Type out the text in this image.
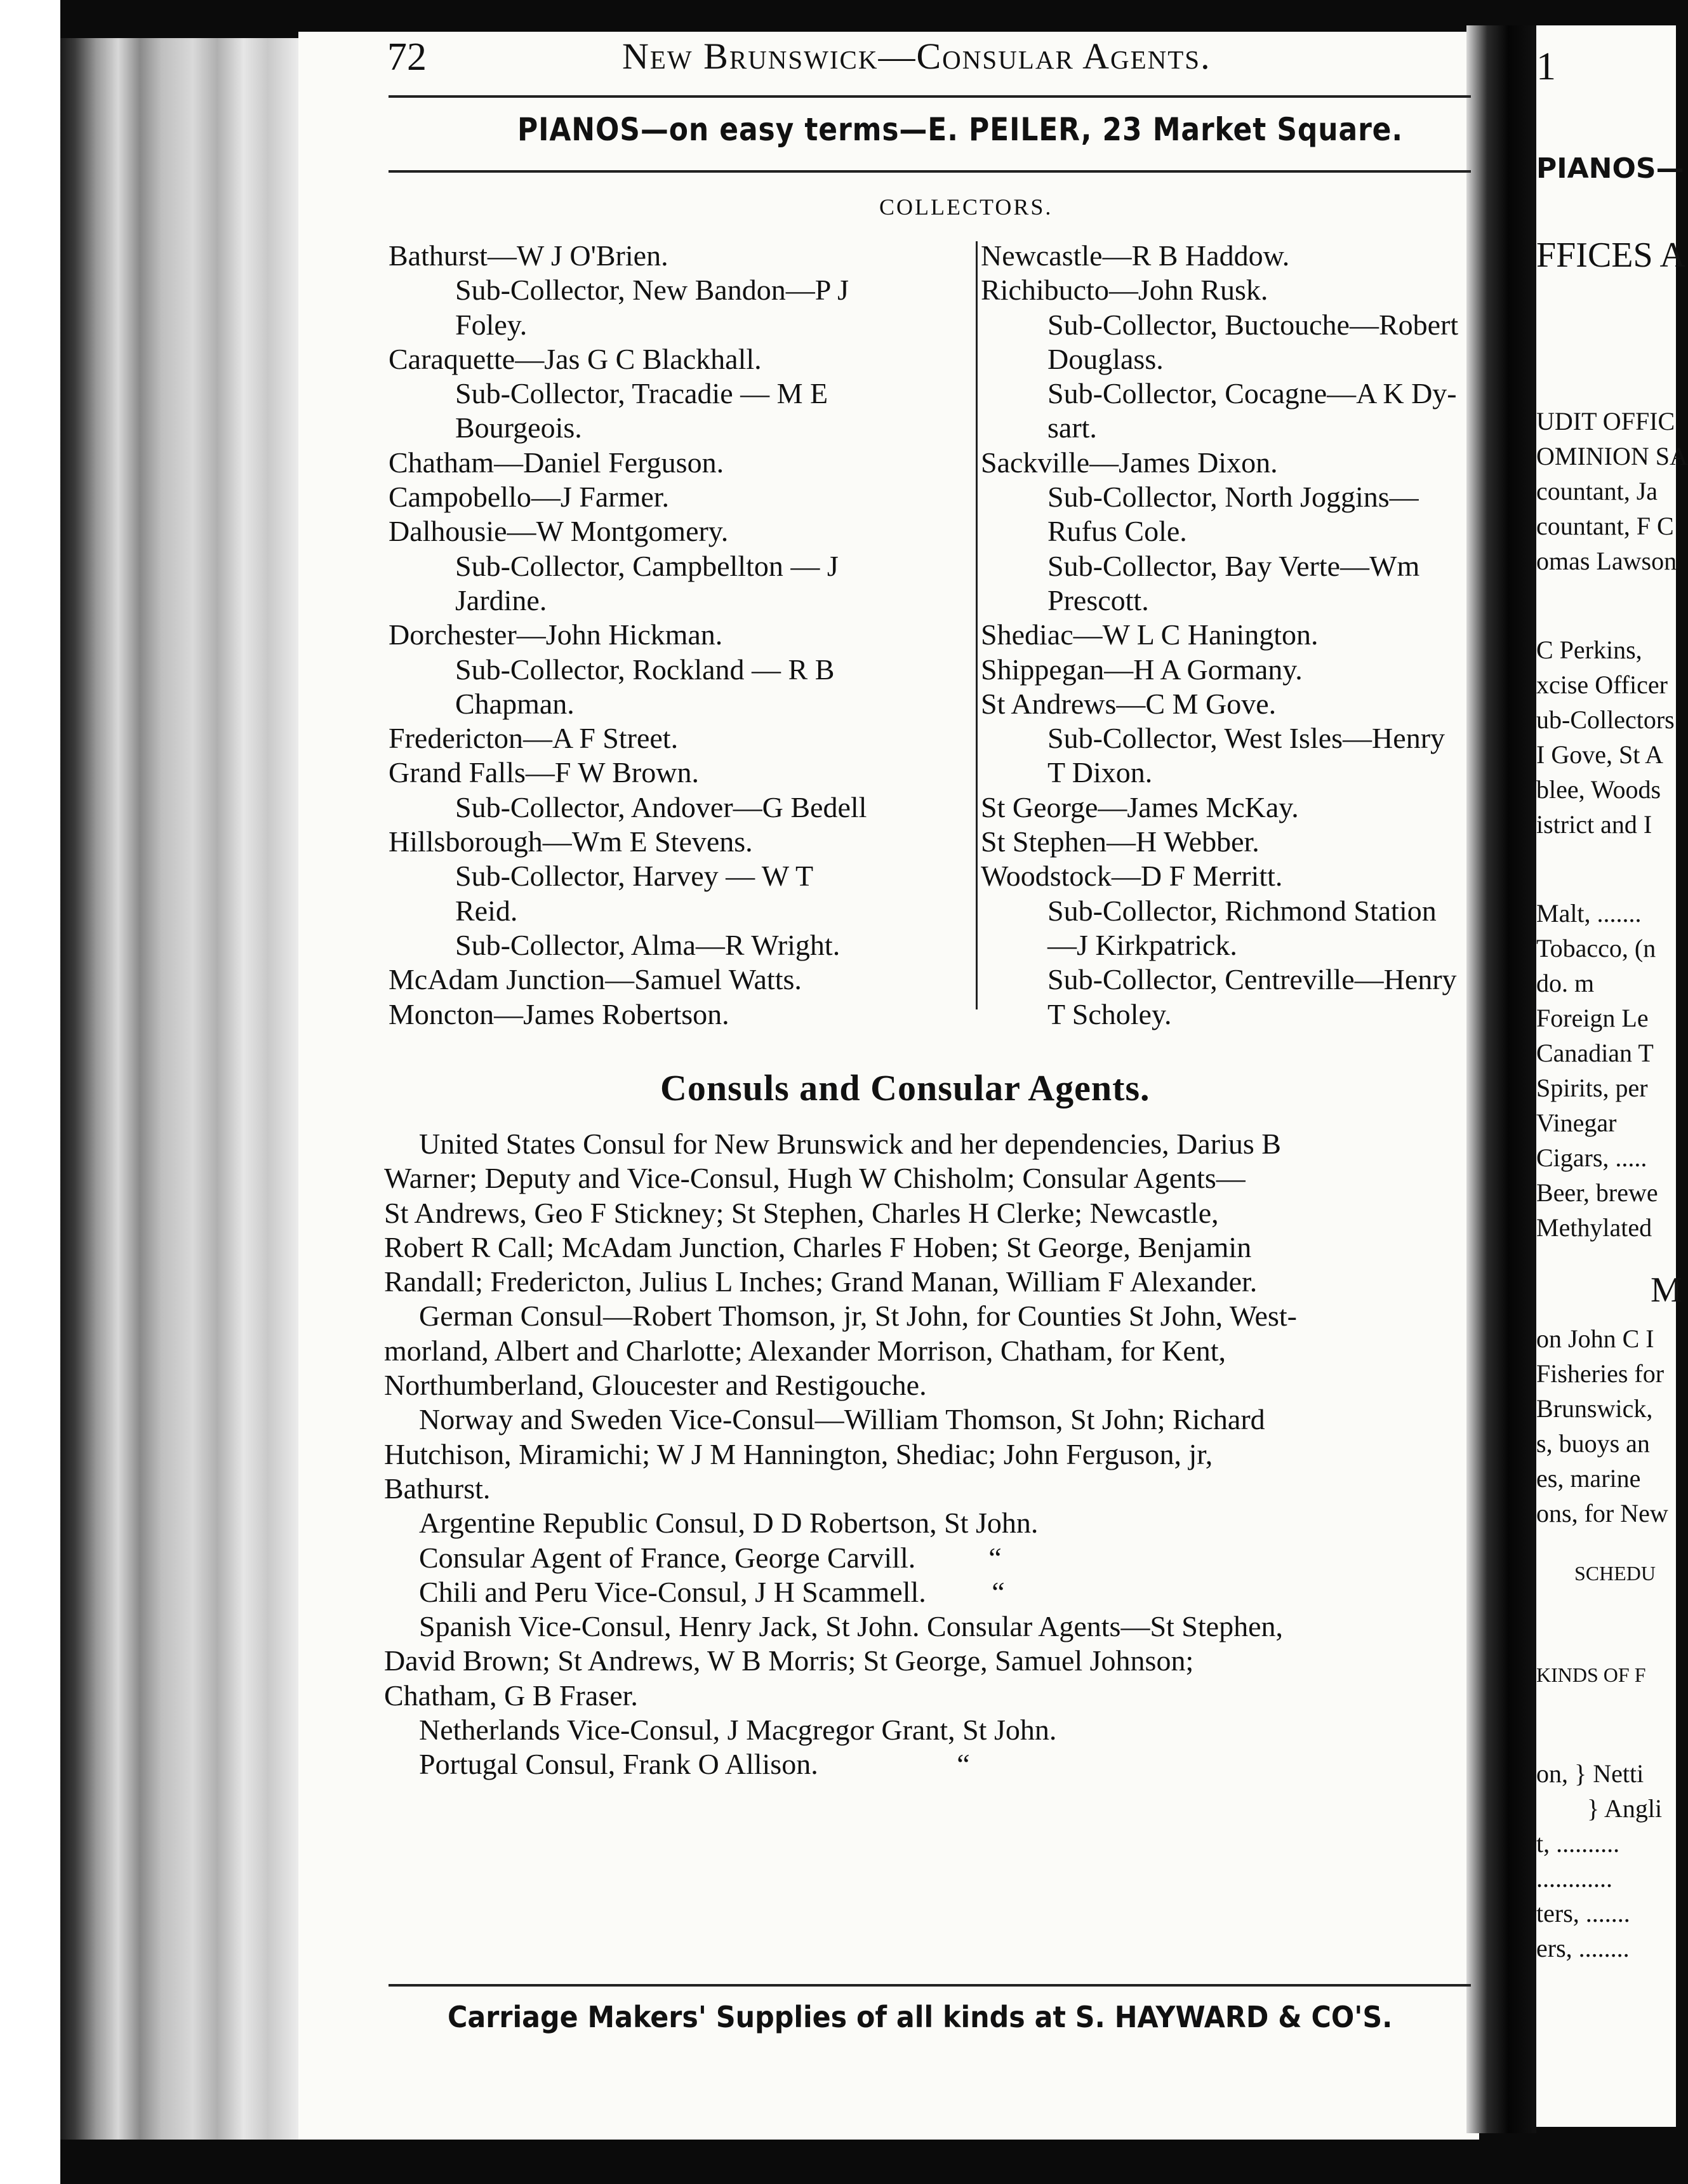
1
PIANOS—
FFICES A
UDIT OFFIC
OMINION SA
countant, Ja
countant, F C
omas Lawson
C Perkins,
xcise Officer
ub-Collectors
I Gove, St A
blee, Woods
istrict and I
Malt, .......
Tobacco, (n
do. m
Foreign Le
Canadian T
Spirits, per
Vinegar
Cigars, .....
Beer, brewe
Methylated
M
on John C I
Fisheries for
Brunswick,
s, buoys an
es, marine
ons, for New
SCHEDU
KINDS OF F
on, } Netti
} Angli
t, ..........
............
ters, .......
ers, ........
72	New Brunswick—Consular Agents.
PIANOS—on easy terms—E. PEILER, 23 Market Square.
COLLECTORS.
Bathurst—W J O'Brien.
Sub-Collector, New Bandon—P J
Foley.
Caraquette—Jas G C Blackhall.
Sub-Collector, Tracadie — M E
Bourgeois.
Chatham—Daniel Ferguson.
Campobello—J Farmer.
Dalhousie—W Montgomery.
Sub-Collector, Campbellton — J
Jardine.
Dorchester—John Hickman.
Sub-Collector, Rockland — R B
Chapman.
Fredericton—A F Street.
Grand Falls—F W Brown.
Sub-Collector, Andover—G Bedell
Hillsborough—Wm E Stevens.
Sub-Collector, Harvey — W T
Reid.
Sub-Collector, Alma—R Wright.
McAdam Junction—Samuel Watts.
Moncton—James Robertson.
Newcastle—R B Haddow.
Richibucto—John Rusk.
Sub-Collector, Buctouche—Robert
Douglass.
Sub-Collector, Cocagne—A K Dy-
sart.
Sackville—James Dixon.
Sub-Collector, North Joggins—
Rufus Cole.
Sub-Collector, Bay Verte—Wm
Prescott.
Shediac—W L C Hanington.
Shippegan—H A Gormany.
St Andrews—C M Gove.
Sub-Collector, West Isles—Henry
T Dixon.
St George—James McKay.
St Stephen—H Webber.
Woodstock—D F Merritt.
Sub-Collector, Richmond Station
—J Kirkpatrick.
Sub-Collector, Centreville—Henry
T Scholey.
Consuls and Consular Agents.
United States Consul for New Brunswick and her dependencies, Darius B
Warner; Deputy and Vice-Consul, Hugh W Chisholm; Consular Agents—
St Andrews, Geo F Stickney; St Stephen, Charles H Clerke; Newcastle,
Robert R Call; McAdam Junction, Charles F Hoben; St George, Benjamin
Randall; Fredericton, Julius L Inches; Grand Manan, William F Alexander.
German Consul—Robert Thomson, jr, St John, for Counties St John, West-
morland, Albert and Charlotte; Alexander Morrison, Chatham, for Kent,
Northumberland, Gloucester and Restigouche.
Norway and Sweden Vice-Consul—William Thomson, St John; Richard
Hutchison, Miramichi; W J M Hannington, Shediac; John Ferguson, jr,
Bathurst.
Argentine Republic Consul, D D Robertson, St John.
Consular Agent of France, George Carvill.          “
Chili and Peru Vice-Consul, J H Scammell.         “
Spanish Vice-Consul, Henry Jack, St John. Consular Agents—St Stephen,
David Brown; St Andrews, W B Morris; St George, Samuel Johnson;
Chatham, G B Fraser.
Netherlands Vice-Consul, J Macgregor Grant, St John.
Portugal Consul, Frank O Allison.                   “
Carriage Makers' Supplies of all kinds at S. HAYWARD & CO'S.
